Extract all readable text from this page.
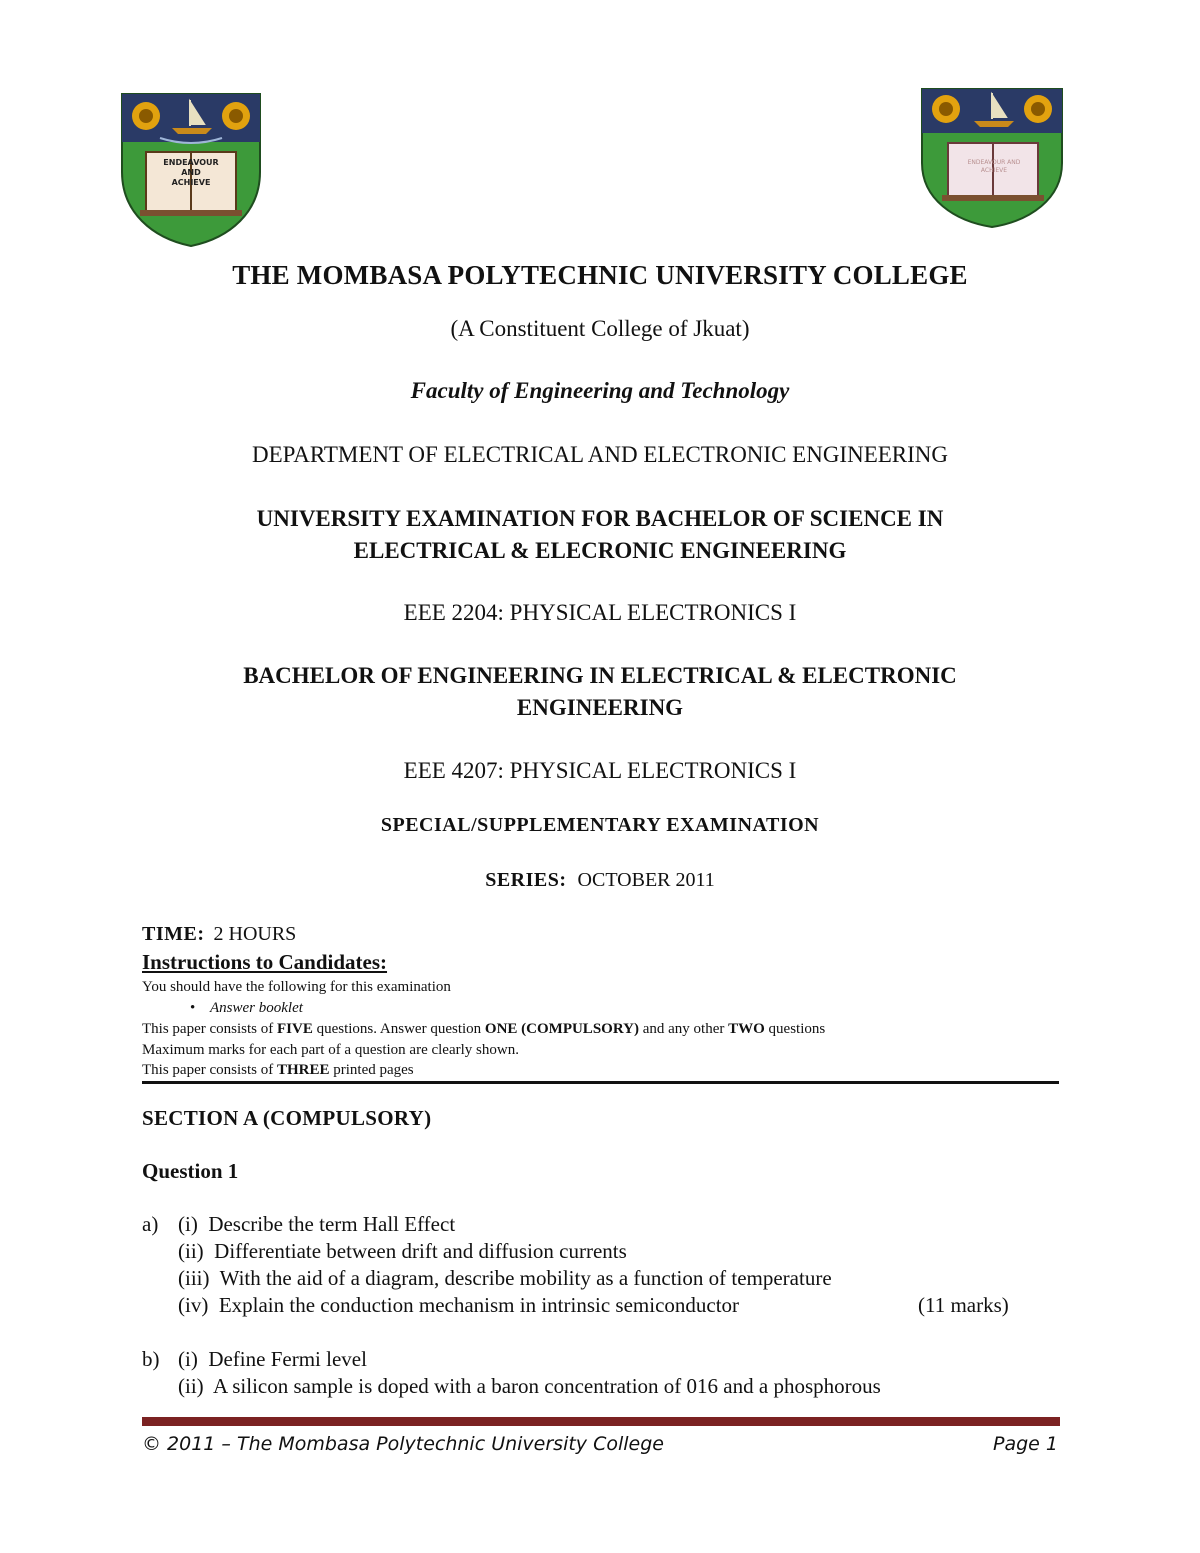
ENDEAVOUR
AND
ACHIEVE
ENDEAVOUR AND ACHIEVE
THE MOMBASA POLYTECHNIC UNIVERSITY COLLEGE
(A Constituent College of Jkuat)
Faculty of Engineering and Technology
DEPARTMENT OF ELECTRICAL AND ELECTRONIC ENGINEERING
UNIVERSITY EXAMINATION FOR BACHELOR OF SCIENCE IN
ELECTRICAL & ELECRONIC ENGINEERING
EEE 2204: PHYSICAL ELECTRONICS I
BACHELOR OF ENGINEERING IN ELECTRICAL & ELECTRONIC
ENGINEERING
EEE 4207: PHYSICAL ELECTRONICS I
SPECIAL/SUPPLEMENTARY EXAMINATION
SERIES: OCTOBER 2011
TIME: 2 HOURS
Instructions to Candidates:
You should have the following for this examination
• Answer booklet
This paper consists of FIVE questions. Answer question ONE (COMPULSORY) and any other TWO questions
Maximum marks for each part of a question are clearly shown.
This paper consists of THREE printed pages
SECTION A (COMPULSORY)
Question 1
a) (i)  Describe the term Hall Effect
(ii)  Differentiate between drift and diffusion currents
(iii)  With the aid of a diagram, describe mobility as a function of temperature
(iv)  Explain the conduction mechanism in intrinsic semiconductor	(11 marks)
b) (i)  Define Fermi level
(ii)  A silicon sample is doped with a baron concentration of 016 and a phosphorous
© 2011 – The Mombasa Polytechnic University College	Page 1
